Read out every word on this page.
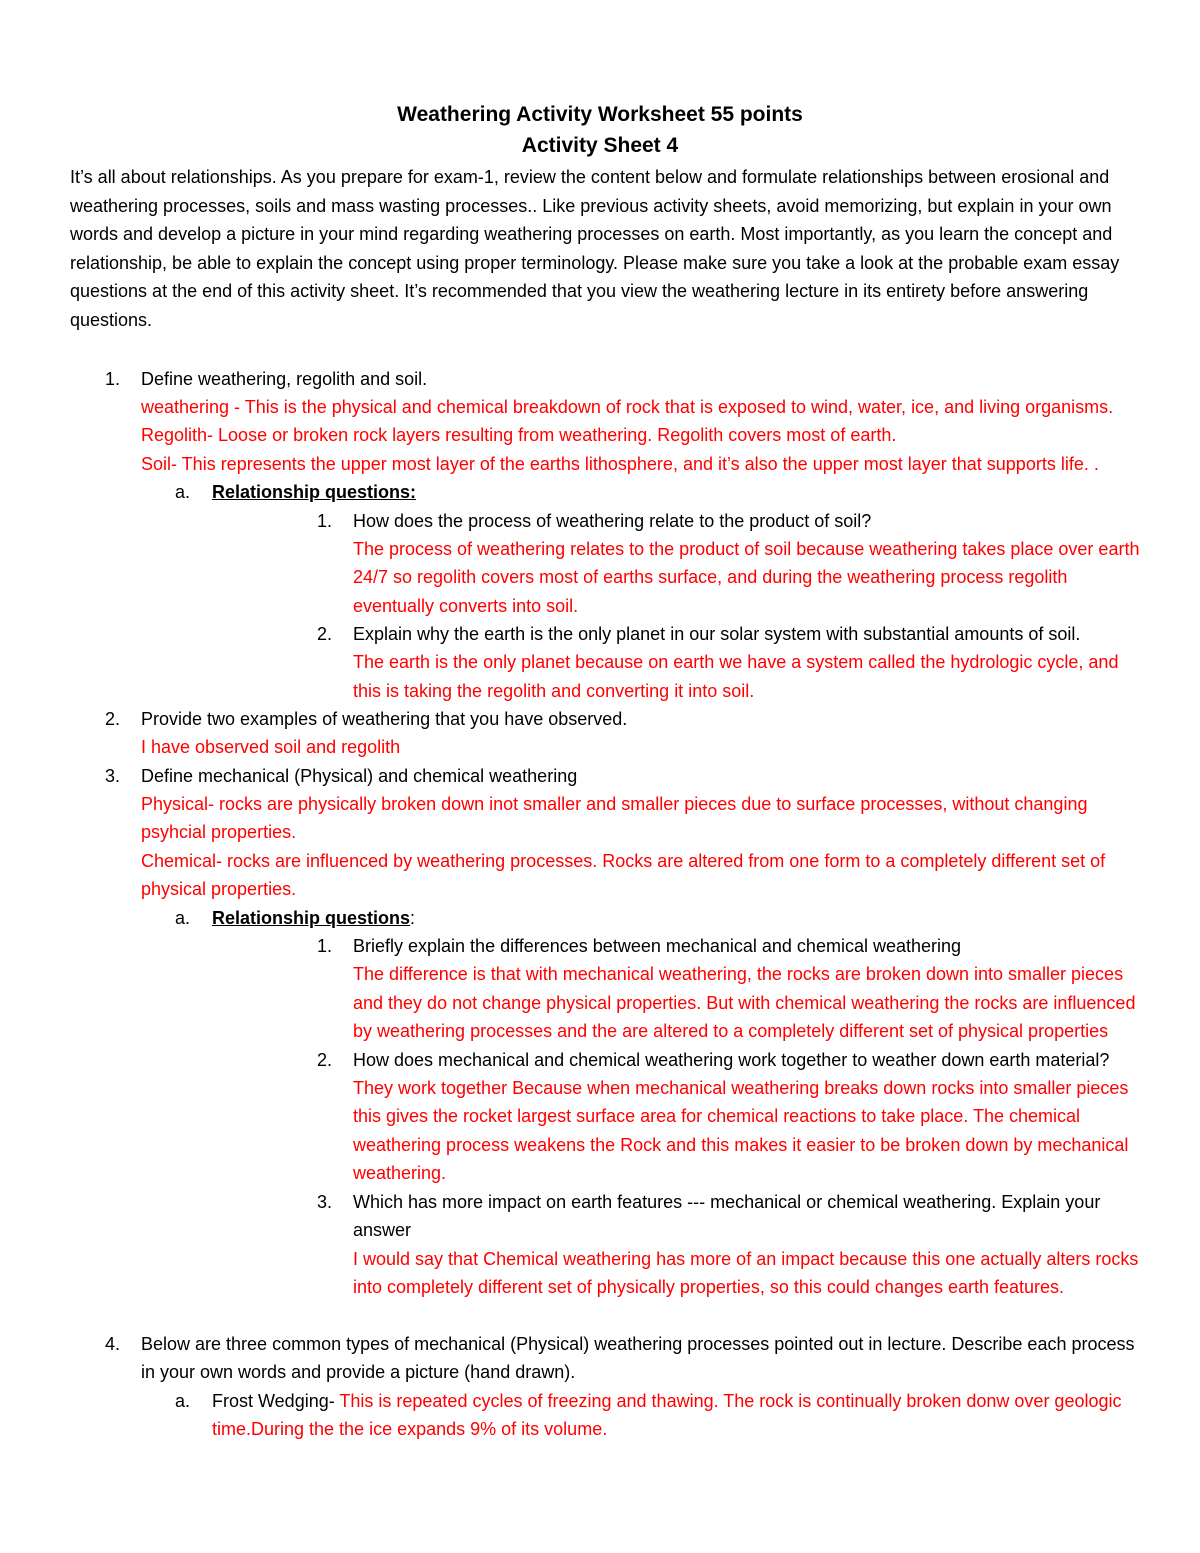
Weathering Activity Worksheet 55 points
Activity Sheet 4
It’s all about relationships. As you prepare for exam-1, review the content below and formulate relationships between erosional and weathering processes, soils and mass wasting processes.. Like previous activity sheets, avoid memorizing, but explain in your own words and develop a picture in your mind regarding weathering processes on earth. Most importantly, as you learn the concept and relationship, be able to explain the concept using proper terminology. Please make sure you take a look at the probable exam essay questions at the end of this activity sheet. It’s recommended that you view the weathering lecture in its entirety before answering questions.
1. Define weathering, regolith and soil.
weathering - This is the physical and chemical breakdown of rock that is exposed to wind, water, ice, and living organisms.
Regolith- Loose or broken rock layers resulting from weathering. Regolith covers most of earth.
Soil- This represents the upper most layer of the earths lithosphere, and it’s also the upper most layer that supports life. .
a. Relationship questions:
1. How does the process of weathering relate to the product of soil?
The process of weathering relates to the product of soil because weathering takes place over earth
24/7 so regolith covers most of earths surface, and during the weathering process regolith
eventually converts into soil.
2. Explain why the earth is the only planet in our solar system with substantial amounts of soil.
The earth is the only planet because on earth we have a system called the hydrologic cycle, and
this is taking the regolith and converting it into soil.
2. Provide two examples of weathering that you have observed.
I have observed soil and regolith
3. Define mechanical (Physical) and chemical weathering
Physical- rocks are physically broken down inot smaller and smaller pieces due to surface processes, without changing
psyhcial properties.
Chemical- rocks are influenced by weathering processes. Rocks are altered from one form to a completely different set of
physical properties.
a. Relationship questions:
1. Briefly explain the differences between mechanical and chemical weathering
The difference is that with mechanical weathering, the rocks are broken down into smaller pieces
and they do not change physical properties. But with chemical weathering the rocks are influenced
by weathering processes and the are altered to a completely different set of physical properties
2. How does mechanical and chemical weathering work together to weather down earth material?
They work together Because when mechanical weathering breaks down rocks into smaller pieces
this gives the rocket largest surface area for chemical reactions to take place. The chemical
weathering process weakens the Rock and this makes it easier to be broken down by mechanical
weathering.
3. Which has more impact on earth features --- mechanical or chemical weathering. Explain your
answer
I would say that Chemical weathering has more of an impact because this one actually alters rocks
into completely different set of physically properties, so this could changes earth features.
4. Below are three common types of mechanical (Physical) weathering processes pointed out in lecture. Describe each process
in your own words and provide a picture (hand drawn).
a. Frost Wedging- This is repeated cycles of freezing and thawing. The rock is continually broken donw over geologic
time.During the the ice expands 9% of its volume.
